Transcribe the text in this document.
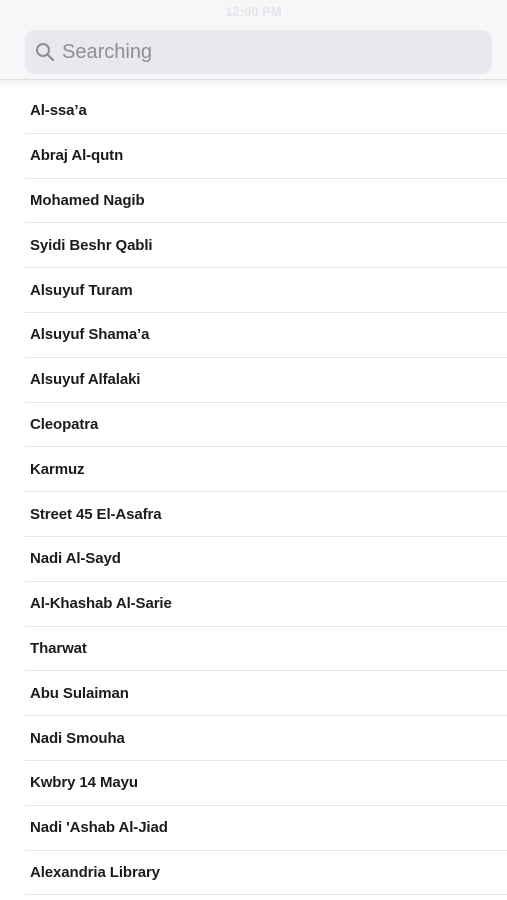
12:00 PM
Searching
Al-ssa’a
Abraj Al-qutn
Mohamed Nagib
Syidi Beshr Qabli
Alsuyuf Turam
Alsuyuf Shama’a
Alsuyuf Alfalaki
Cleopatra
Karmuz
Street 45 El-Asafra
Nadi Al-Sayd
Al-Khashab Al-Sarie
Tharwat
Abu Sulaiman
Nadi Smouha
Kwbry 14 Mayu
Nadi 'Ashab Al-Jiad
Alexandria Library
